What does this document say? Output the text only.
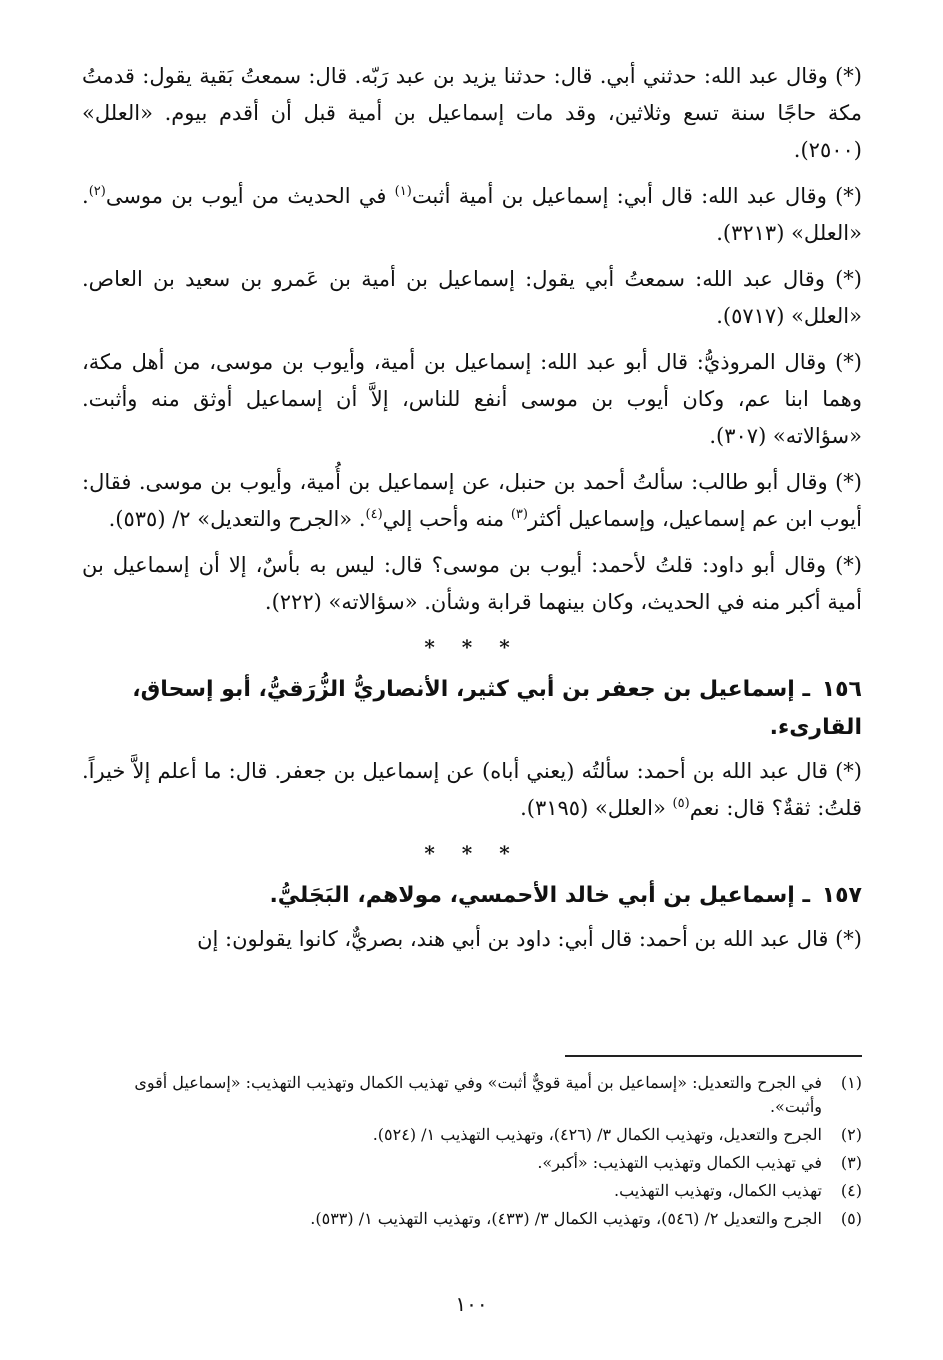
(*) وقال عبد الله: حدثني أبي. قال: حدثنا يزيد بن عبد رَبّه. قال: سمعتُ بَقية يقول: قدمتُ مكة حاجًا سنة تسع وثلاثين، وقد مات إسماعيل بن أمية قبل أن أقدم بيوم. «العلل» (٢٥٠٠).

(*) وقال عبد الله: قال أبي: إسماعيل بن أمية أثبت$^{(١)}$ في الحديث من أيوب بن موسى$^{(٢)}$. «العلل» (٣٢١٣).

(*) وقال عبد الله: سمعتُ أبي يقول: إسماعيل بن أمية بن عَمرو بن سعيد بن العاص. «العلل» (٥٧١٧).

(*) وقال المروذيُّ: قال أبو عبد الله: إسماعيل بن أمية، وأيوب بن موسى، من أهل مكة، وهما ابنا عم، وكان أيوب بن موسى أنفع للناس، إلاَّ أن إسماعيل أوثق منه وأثبت. «سؤالاته» (٣٠٧).

(*) وقال أبو طالب: سألتُ أحمد بن حنبل، عن إسماعيل بن أُمية، وأيوب بن موسى. فقال: أيوب ابن عم إسماعيل، وإسماعيل أكثر$^{(٣)}$ منه وأحب إلي$^{(٤)}$. «الجرح والتعديل» ٢/ (٥٣٥).

(*) وقال أبو داود: قلتُ لأحمد: أيوب بن موسى؟ قال: ليس به بأسٌ، إلا أن إسماعيل بن أمية أكبر منه في الحديث، وكان بينهما قرابة وشأن. «سؤالاته» (٢٢٢).

* * *
١٥٦ ـ إسماعيل بن جعفر بن أبي كثير، الأنصاريُّ الزُّرَقيُّ، أبو إسحاق، القارىء.

(*) قال عبد الله بن أحمد: سألتُه (يعني أباه) عن إسماعيل بن جعفر. قال: ما أعلم إلاَّ خيراً. قلتُ: ثقةٌ؟ قال: نعم$^{(٥)}$ «العلل» (٣١٩٥).

* * *
١٥٧ ـ إسماعيل بن أبي خالد الأحمسي، مولاهم، البَجَليُّ.

(*) قال عبد الله بن أحمد: قال أبي: داود بن أبي هند، بصريٌّ، كانوا يقولون: إن

(١)
في الجرح والتعديل: «إسماعيل بن أمية قويٌّ أثبت» وفي تهذيب الكمال وتهذيب التهذيب: «إسماعيل أقوى وأثبت».
(٢)
الجرح والتعديل، وتهذيب الكمال ٣/ (٤٢٦)، وتهذيب التهذيب ١/ (٥٢٤).
(٣)
في تهذيب الكمال وتهذيب التهذيب: «أكبر».
(٤)
تهذيب الكمال، وتهذيب التهذيب.
(٥)
الجرح والتعديل ٢/ (٥٤٦)، وتهذيب الكمال ٣/ (٤٣٣)، وتهذيب التهذيب ١/ (٥٣٣).
١٠٠
